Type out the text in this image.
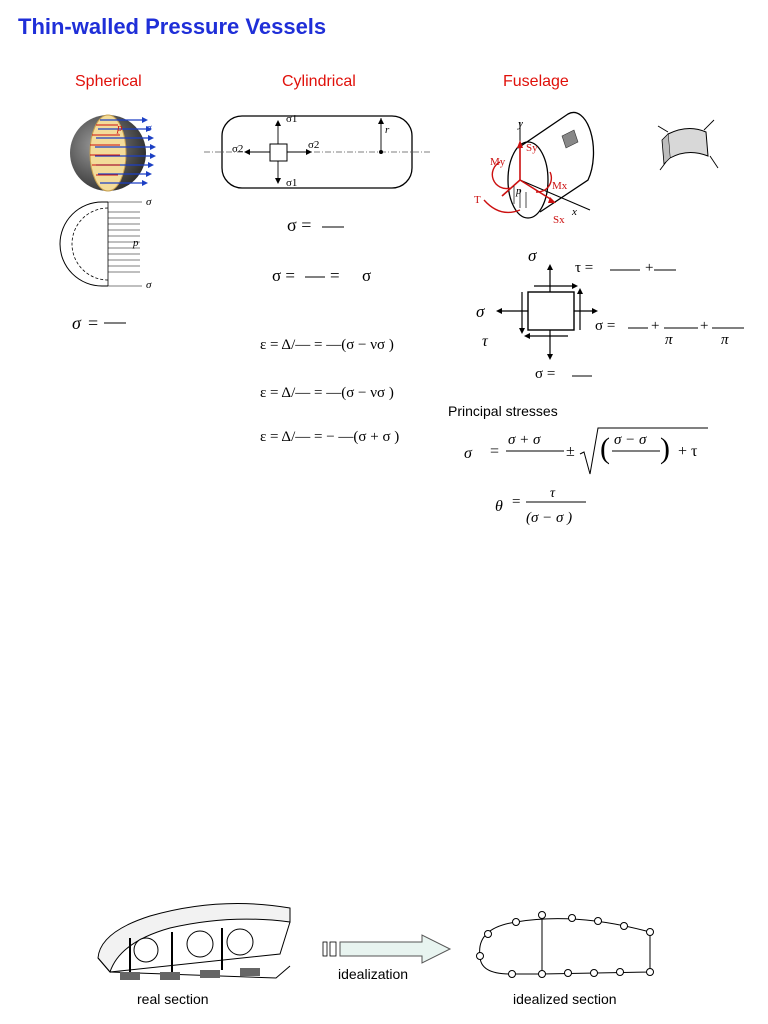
Thin-walled Pressure Vessels
Spherical	Cylindrical	Fuselage
p σ
σ
σ
p
σ =
σ1
σ1
σ2	σ2
r
σ =
σ = = σ
ε = Δ/— = —(σ − νσ )
ε = Δ/— = —(σ − νσ )
ε = Δ/— = − —(σ + σ )
y
x
Sy
Sx
My
Mx
T
p
σ
σ
τ
τ =	+
σ = +	+
π	π
σ =
Principal stresses
σ =
σ + σ
± ( σ − σ ) + τ
θ =
τ
(σ − σ )
real section
idealization
idealized section
